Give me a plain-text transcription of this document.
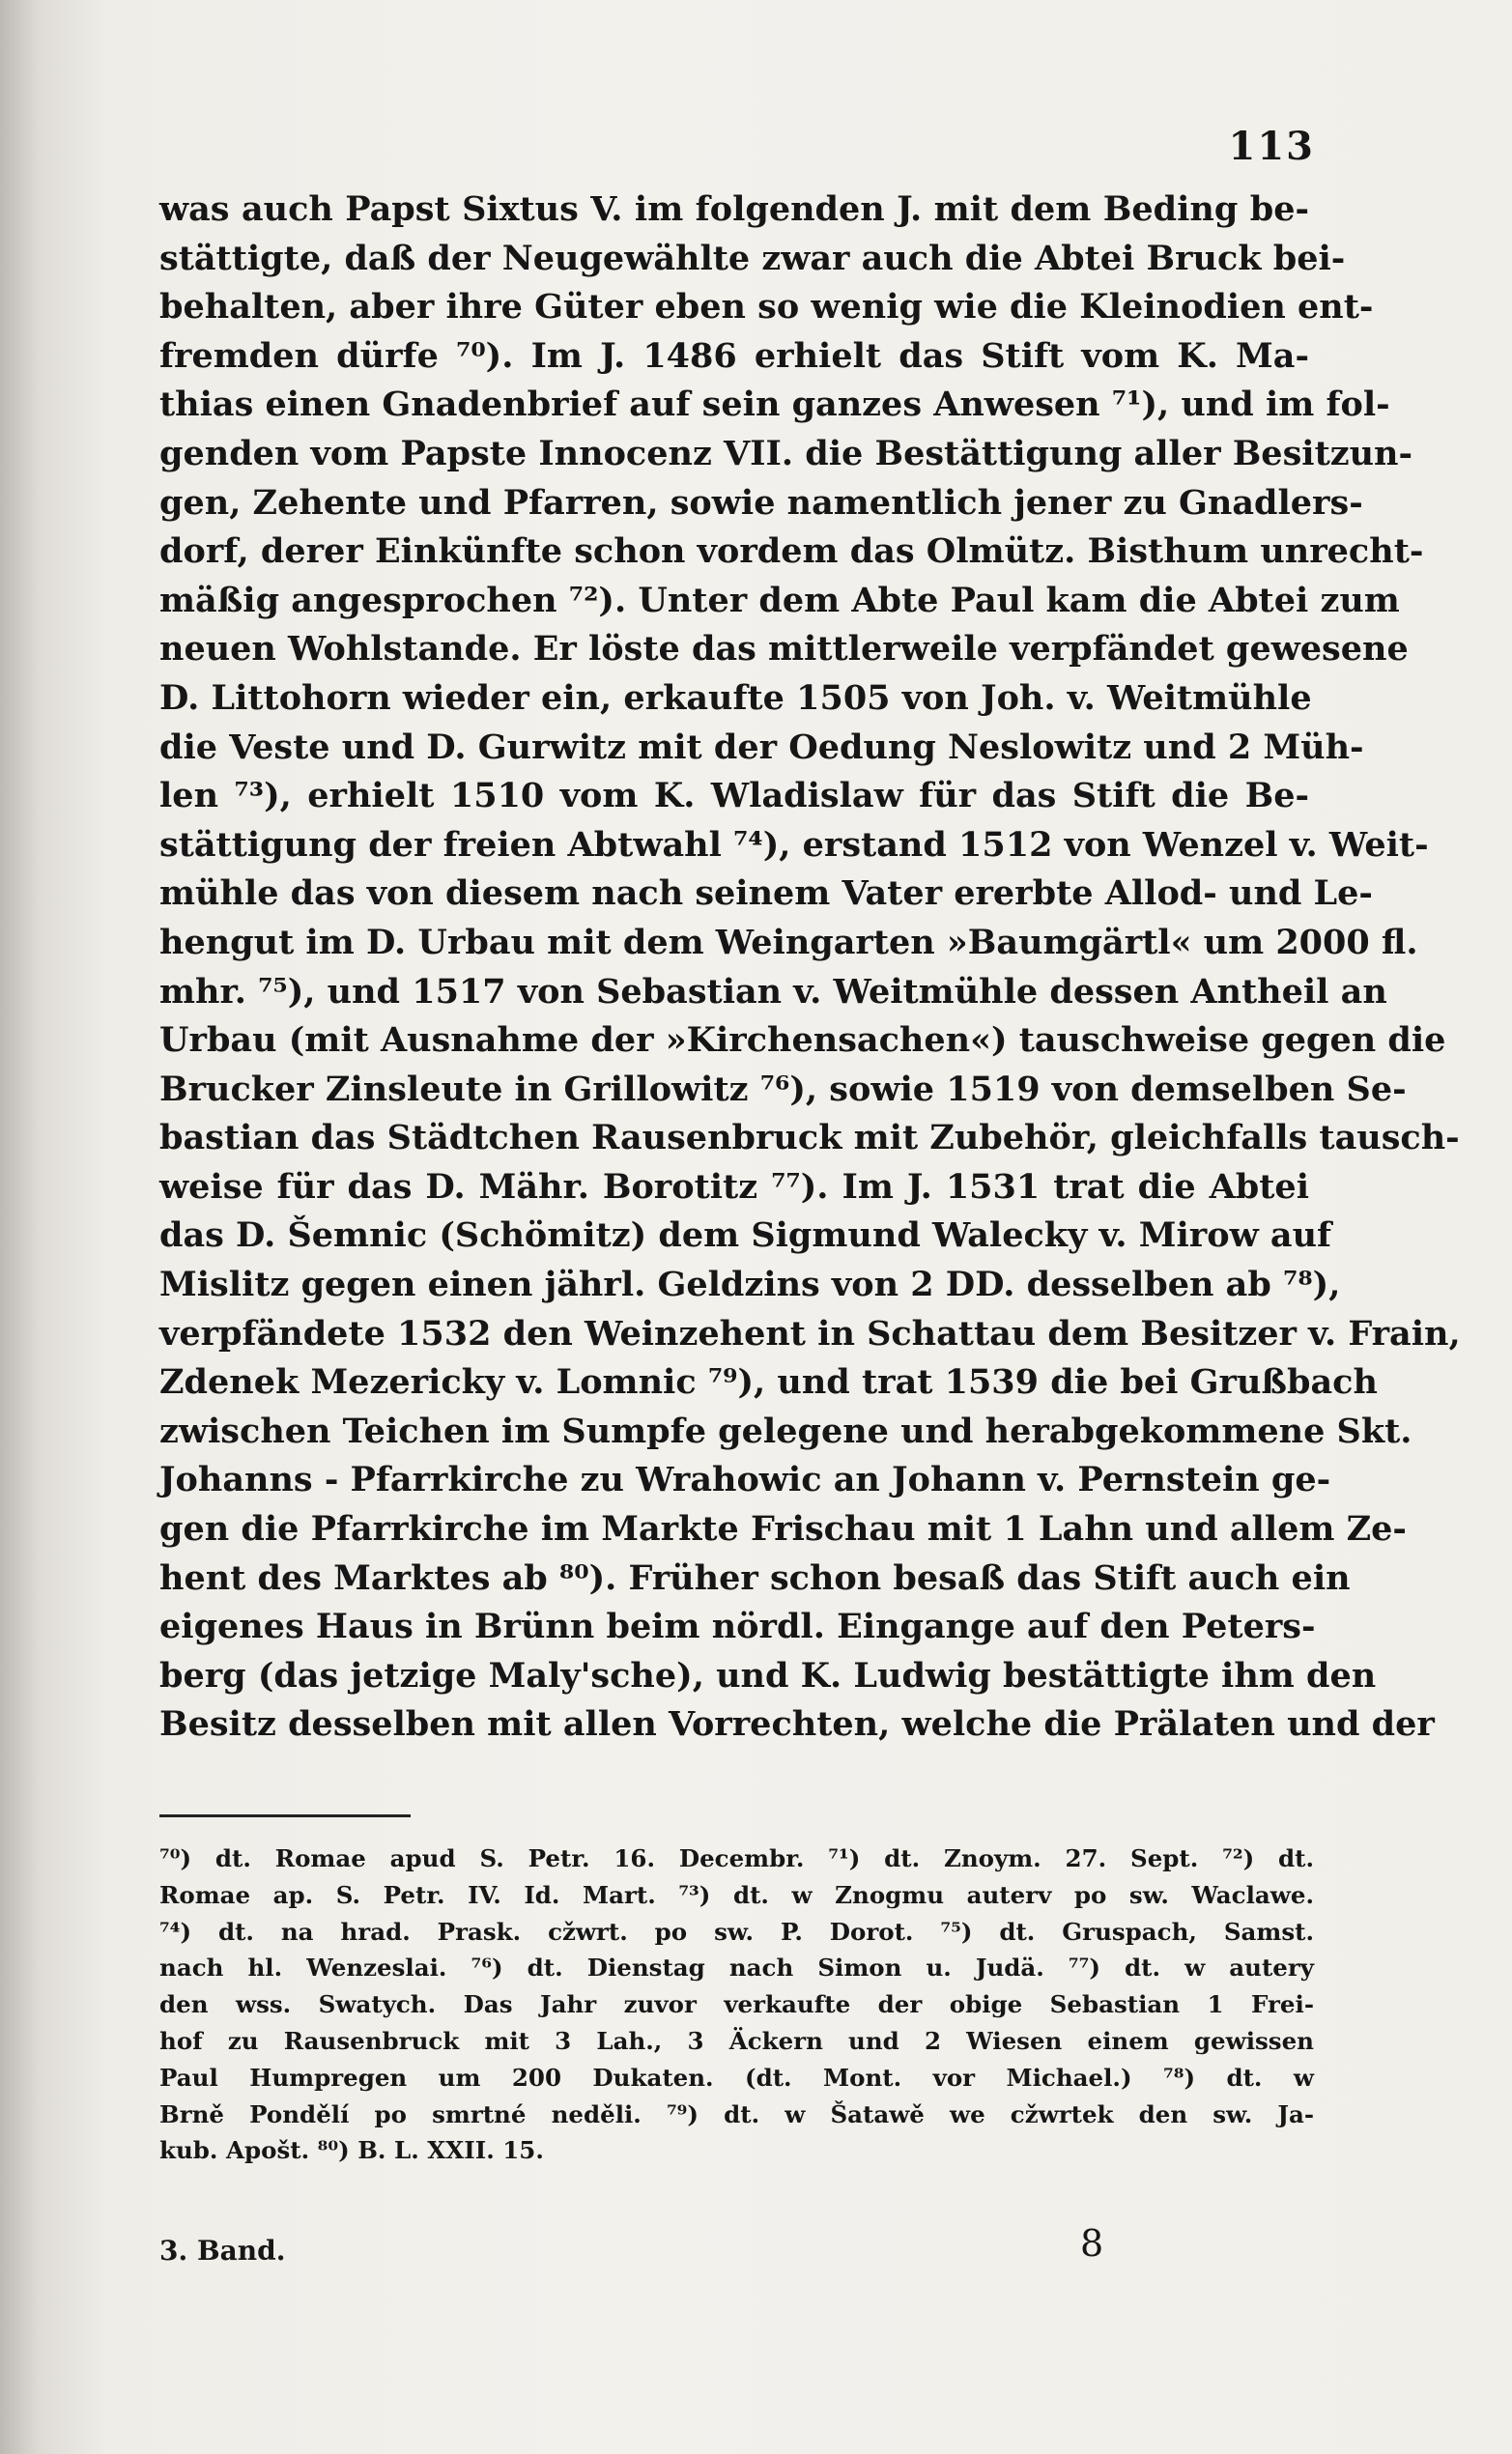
113
was auch Papst Sixtus V. im folgenden J. mit dem Beding be-
stättigte, daß der Neugewählte zwar auch die Abtei Bruck bei-
behalten, aber ihre Güter eben so wenig wie die Kleinodien ent-
fremden dürfe ⁷⁰). Im J. 1486 erhielt das Stift vom K. Ma-
thias einen Gnadenbrief auf sein ganzes Anwesen ⁷¹), und im fol-
genden vom Papste Innocenz VII. die Bestättigung aller Besitzun-
gen, Zehente und Pfarren, sowie namentlich jener zu Gnadlers-
dorf, derer Einkünfte schon vordem das Olmütz. Bisthum unrecht-
mäßig angesprochen ⁷²). Unter dem Abte Paul kam die Abtei zum
neuen Wohlstande. Er löste das mittlerweile verpfändet gewesene
D. Littohorn wieder ein, erkaufte 1505 von Joh. v. Weitmühle
die Veste und D. Gurwitz mit der Oedung Neslowitz und 2 Müh-
len ⁷³), erhielt 1510 vom K. Wladislaw für das Stift die Be-
stättigung der freien Abtwahl ⁷⁴), erstand 1512 von Wenzel v. Weit-
mühle das von diesem nach seinem Vater ererbte Allod- und Le-
hengut im D. Urbau mit dem Weingarten »Baumgärtl« um 2000 fl.
mhr. ⁷⁵), und 1517 von Sebastian v. Weitmühle dessen Antheil an
Urbau (mit Ausnahme der »Kirchensachen«) tauschweise gegen die
Brucker Zinsleute in Grillowitz ⁷⁶), sowie 1519 von demselben Se-
bastian das Städtchen Rausenbruck mit Zubehör, gleichfalls tausch-
weise für das D. Mähr. Borotitz ⁷⁷). Im J. 1531 trat die Abtei
das D. Šemnic (Schömitz) dem Sigmund Walecky v. Mirow auf
Mislitz gegen einen jährl. Geldzins von 2 DD. desselben ab ⁷⁸),
verpfändete 1532 den Weinzehent in Schattau dem Besitzer v. Frain,
Zdenek Mezericky v. Lomnic ⁷⁹), und trat 1539 die bei Grußbach
zwischen Teichen im Sumpfe gelegene und herabgekommene Skt.
Johanns - Pfarrkirche zu Wrahowic an Johann v. Pernstein ge-
gen die Pfarrkirche im Markte Frischau mit 1 Lahn und allem Ze-
hent des Marktes ab ⁸⁰). Früher schon besaß das Stift auch ein
eigenes Haus in Brünn beim nördl. Eingange auf den Peters-
berg (das jetzige Maly'sche), und K. Ludwig bestättigte ihm den
Besitz desselben mit allen Vorrechten, welche die Prälaten und der
⁷⁰) dt. Romae apud S. Petr. 16. Decembr. ⁷¹) dt. Znoym. 27. Sept. ⁷²) dt.
Romae ap. S. Petr. IV. Id. Mart. ⁷³) dt. w Znogmu auterv po sw. Waclawe.
⁷⁴) dt. na hrad. Prask. cžwrt. po sw. P. Dorot. ⁷⁵) dt. Gruspach, Samst.
nach hl. Wenzeslai. ⁷⁶) dt. Dienstag nach Simon u. Judä. ⁷⁷) dt. w autery
den wss. Swatych. Das Jahr zuvor verkaufte der obige Sebastian 1 Frei-
hof zu Rausenbruck mit 3 Lah., 3 Äckern und 2 Wiesen einem gewissen
Paul Humpregen um 200 Dukaten. (dt. Mont. vor Michael.) ⁷⁸) dt. w
Brně Pondělí po smrtné neděli. ⁷⁹) dt. w Šatawě we cžwrtek den sw. Ja-
kub. Apošt. ⁸⁰) B. L. XXII. 15.
3. Band.	8
